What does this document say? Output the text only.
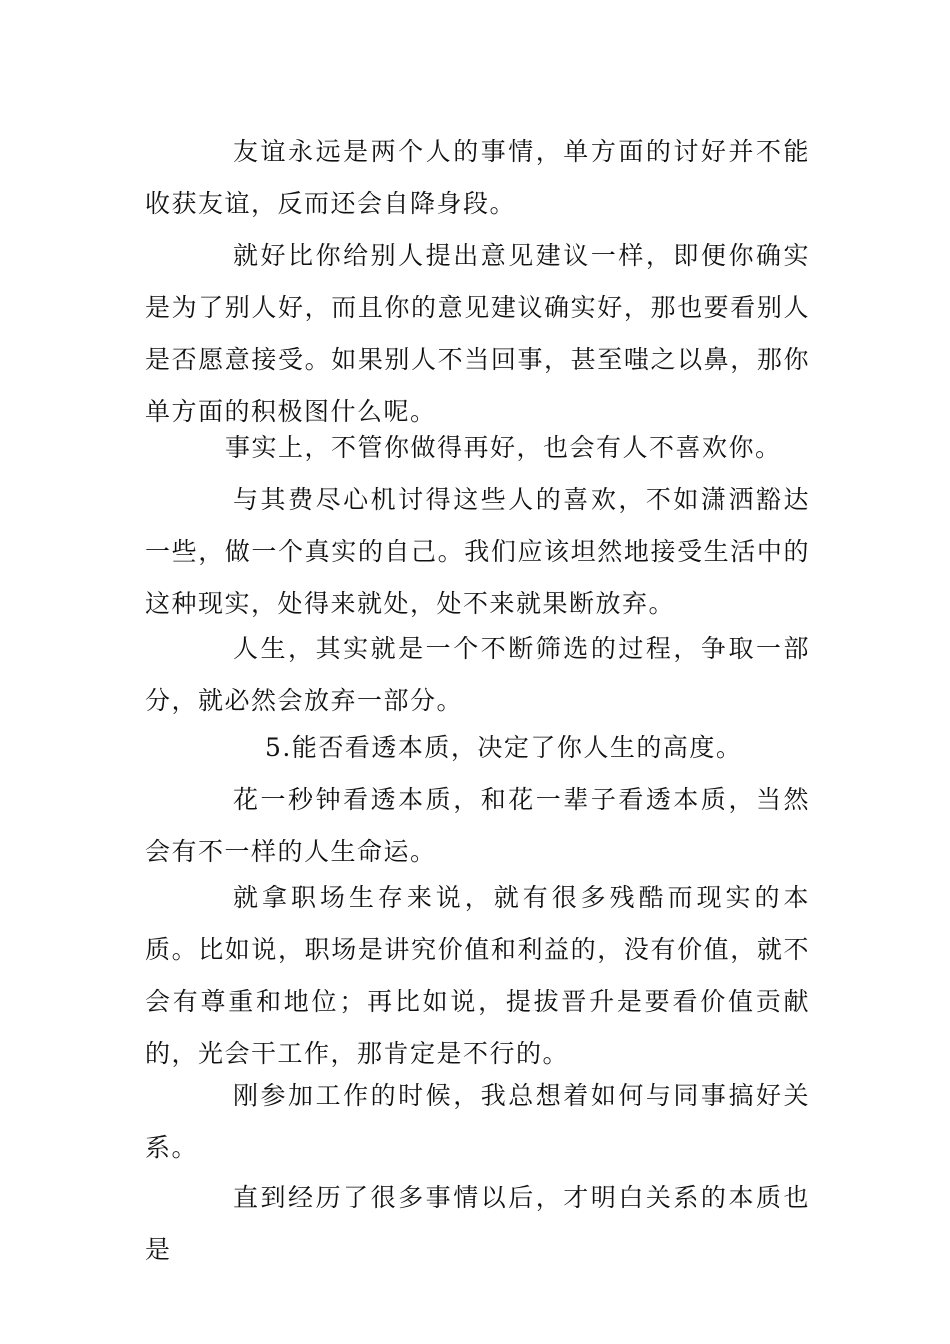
友谊永远是两个人的事情，单方面的讨好并不能收获友谊，反而还会自降身段。

就好比你给别人提出意见建议一样，即便你确实是为了别人好，而且你的意见建议确实好，那也要看别人是否愿意接受。如果别人不当回事，甚至嗤之以鼻，那你单方面的积极图什么呢。

事实上，不管你做得再好，也会有人不喜欢你。

与其费尽心机讨得这些人的喜欢，不如潇洒豁达一些，做一个真实的自己。我们应该坦然地接受生活中的这种现实，处得来就处，处不来就果断放弃。

人生，其实就是一个不断筛选的过程，争取一部分，就必然会放弃一部分。

5.能否看透本质，决定了你人生的高度。

花一秒钟看透本质，和花一辈子看透本质，当然会有不一样的人生命运。

就拿职场生存来说，就有很多残酷而现实的本质。比如说，职场是讲究价值和利益的，没有价值，就不会有尊重和地位；再比如说，提拔晋升是要看价值贡献的，光会干工作，那肯定是不行的。

刚参加工作的时候，我总想着如何与同事搞好关系。

直到经历了很多事情以后，才明白关系的本质也是
